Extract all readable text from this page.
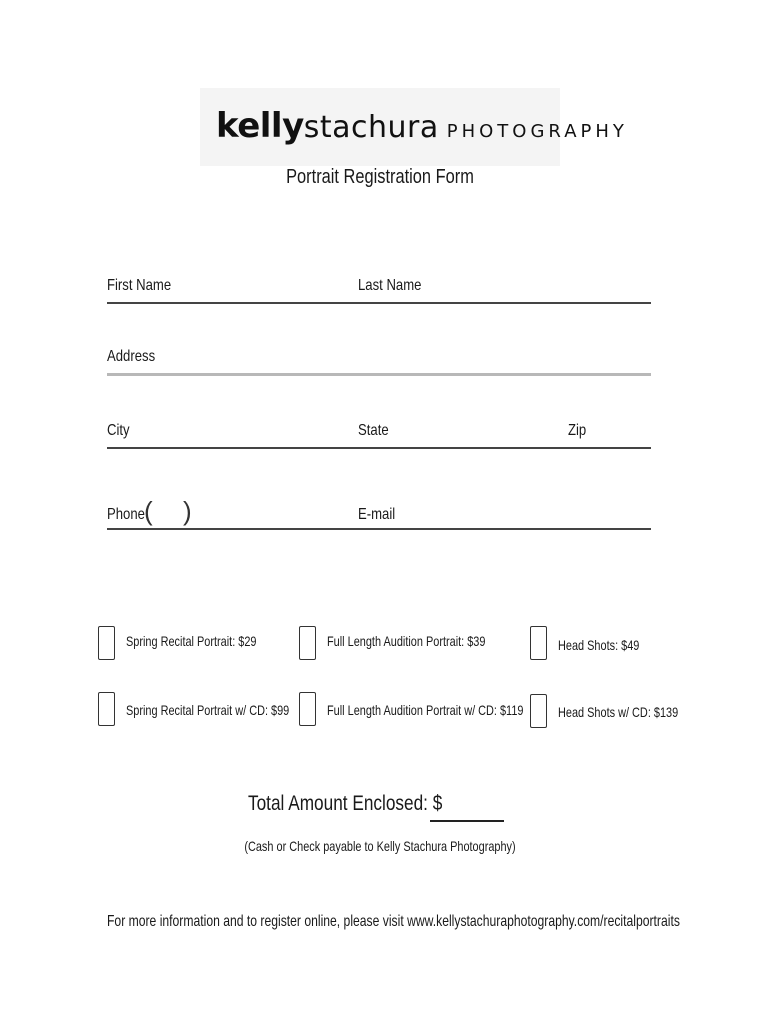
kellystachura PHOTOGRAPHY
Portrait Registration Form
First Name	Last Name
Address
City	State	Zip
Phone ( )	E-mail
Spring Recital Portrait: $29	Full Length Audition Portrait: $39	Head Shots: $49
Spring Recital Portrait w/ CD: $99	Full Length Audition Portrait w/ CD: $119 Head Shots w/ CD: $139
Total Amount Enclosed: $
(Cash or Check payable to Kelly Stachura Photography)
For more information and to register online, please visit www.kellystachuraphotography.com/recitalportraits
